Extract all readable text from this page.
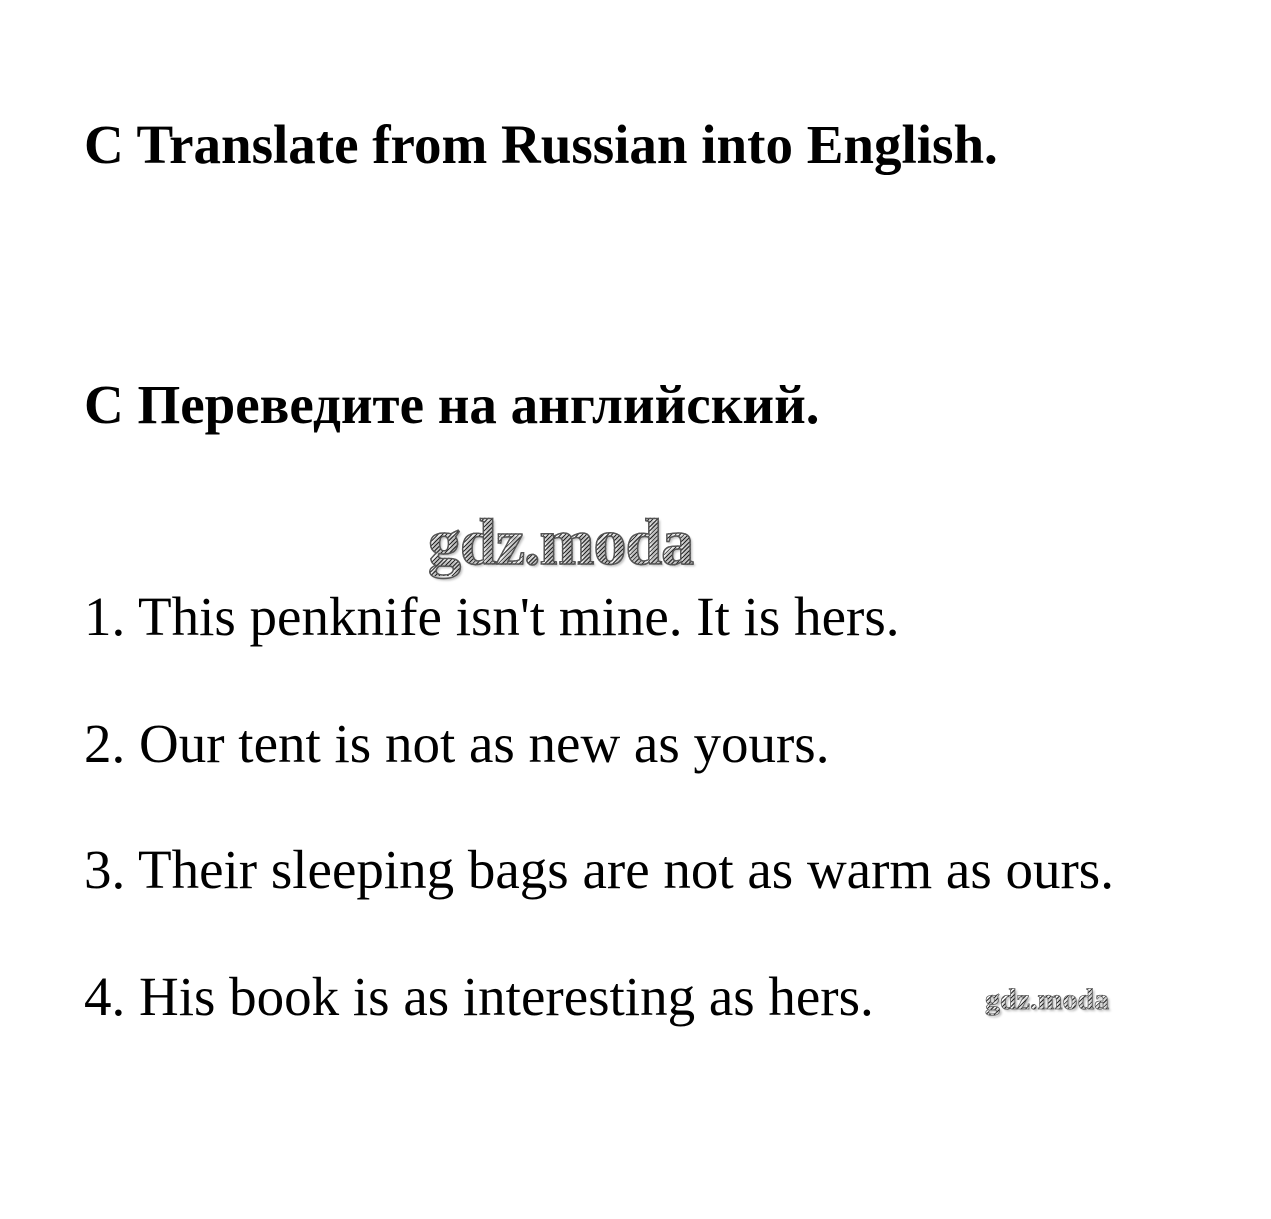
C Translate from Russian into English.
C Переведите на английский.
gdz.moda

1. This penknife isn't mine. It is hers.

2. Our tent is not as new as yours.

3. Their sleeping bags are not as warm as ours.

4. His book is as interesting as hers.	gdz.moda
